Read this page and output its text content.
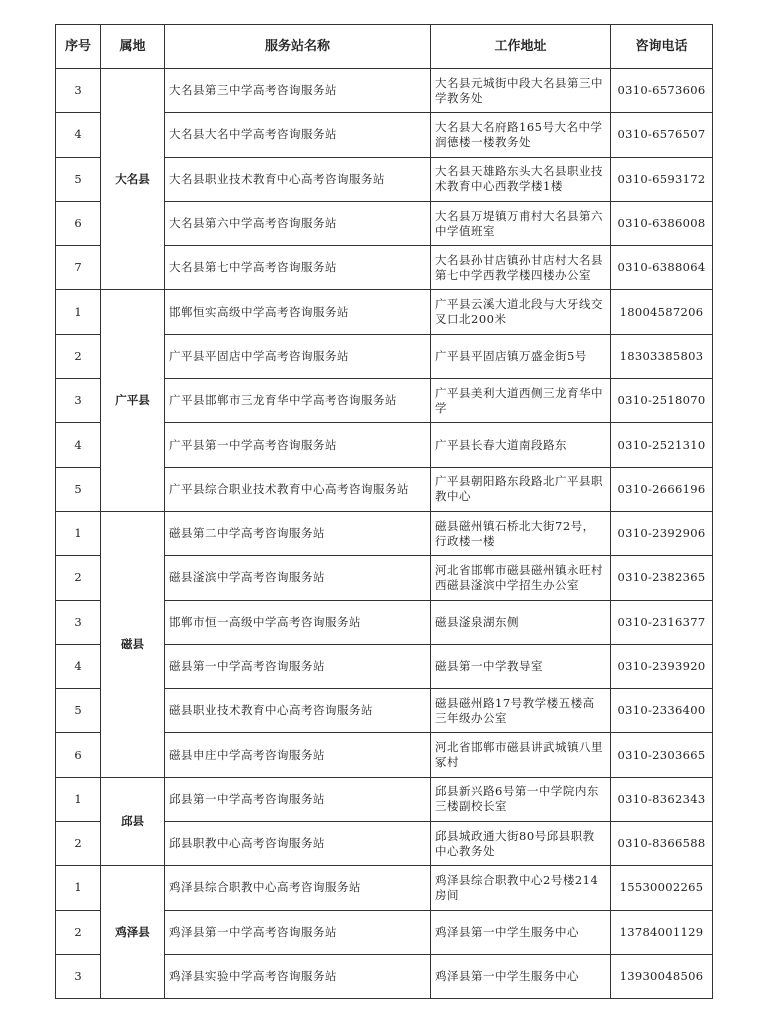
序号	属地	服务站名称	工作地址	咨询电话
3	大名县	大名县第三中学高考咨询服务站	大名县元城街中段大名县第三中学教务处	0310-6573606
4		大名县大名中学高考咨询服务站	大名县大名府路165号大名中学润德楼一楼教务处	0310-6576507
5		大名县职业技术教育中心高考咨询服务站	大名县天雄路东头大名县职业技术教育中心西教学楼1楼	0310-6593172
6		大名县第六中学高考咨询服务站	大名县万堤镇万甫村大名县第六中学值班室	0310-6386008
7		大名县第七中学高考咨询服务站	大名县孙甘店镇孙甘店村大名县第七中学西教学楼四楼办公室	0310-6388064
1	广平县	邯郸恒实高级中学高考咨询服务站	广平县云溪大道北段与大牙线交叉口北200米	18004587206
2		广平县平固店中学高考咨询服务站	广平县平固店镇万盛金街5号	18303385803
3		广平县邯郸市三龙育华中学高考咨询服务站	广平县美利大道西侧三龙育华中学	0310-2518070
4		广平县第一中学高考咨询服务站	广平县长春大道南段路东	0310-2521310
5		广平县综合职业技术教育中心高考咨询服务站	广平县朝阳路东段路北广平县职教中心	0310-2666196
1	磁县	磁县第二中学高考咨询服务站	磁县磁州镇石桥北大街72号，行政楼一楼	0310-2392906
2		磁县滏滨中学高考咨询服务站	河北省邯郸市磁县磁州镇永旺村西磁县滏滨中学招生办公室	0310-2382365
3		邯郸市恒一高级中学高考咨询服务站	磁县滏泉湖东侧	0310-2316377
4		磁县第一中学高考咨询服务站	磁县第一中学教导室	0310-2393920
5		磁县职业技术教育中心高考咨询服务站	磁县磁州路17号教学楼五楼高三年级办公室	0310-2336400
6		磁县申庄中学高考咨询服务站	河北省邯郸市磁县讲武城镇八里冢村	0310-2303665
1	邱县	邱县第一中学高考咨询服务站	邱县新兴路6号第一中学院内东三楼副校长室	0310-8362343
2		邱县职教中心高考咨询服务站	邱县城政通大街80号邱县职教中心教务处	0310-8366588
1	鸡泽县	鸡泽县综合职教中心高考咨询服务站	鸡泽县综合职教中心2号楼214房间	15530002265
2		鸡泽县第一中学高考咨询服务站	鸡泽县第一中学生服务中心	13784001129
3		鸡泽县实验中学高考咨询服务站	鸡泽县第一中学生服务中心	13930048506
